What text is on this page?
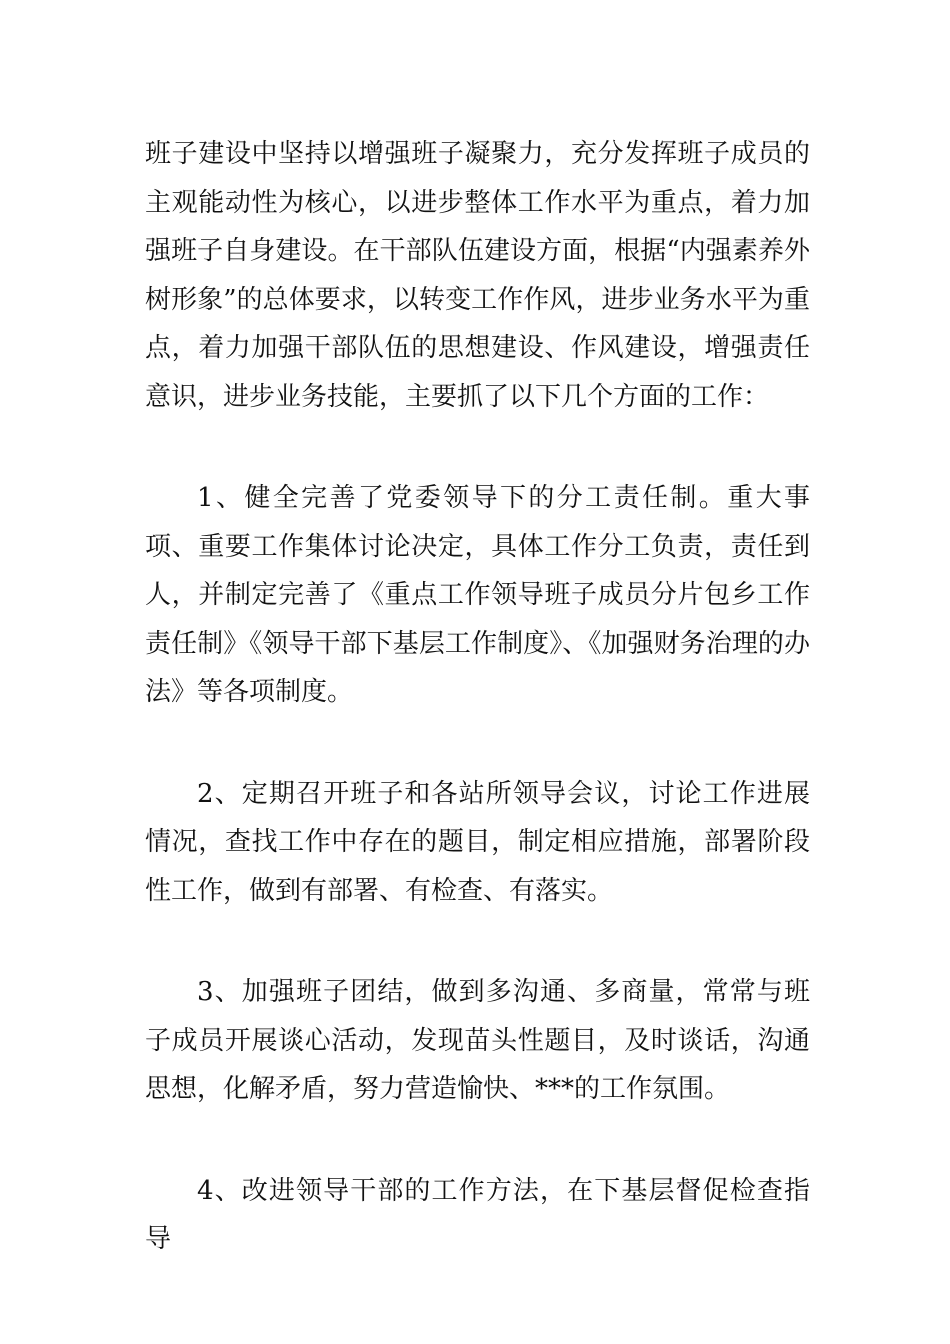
班子建设中坚持以增强班子凝聚力，充分发挥班子成员的主观能动性为核心，以进步整体工作水平为重点，着力加强班子自身建设。在干部队伍建设方面，根据“内强素养外树形象”的总体要求，以转变工作作风，进步业务水平为重点，着力加强干部队伍的思想建设、作风建设，增强责任意识，进步业务技能，主要抓了以下几个方面的工作：

1、健全完善了党委领导下的分工责任制。重大事项、重要工作集体讨论决定，具体工作分工负责，责任到人，并制定完善了《重点工作领导班子成员分片包乡工作责任制》《领导干部下基层工作制度》、《加强财务治理的办法》等各项制度。

2、定期召开班子和各站所领导会议，讨论工作进展情况，查找工作中存在的题目，制定相应措施，部署阶段性工作，做到有部署、有检查、有落实。

3、加强班子团结，做到多沟通、多商量，常常与班子成员开展谈心活动，发现苗头性题目，及时谈话，沟通思想，化解矛盾，努力营造愉快、***的工作氛围。

4、改进领导干部的工作方法，在下基层督促检查指导
